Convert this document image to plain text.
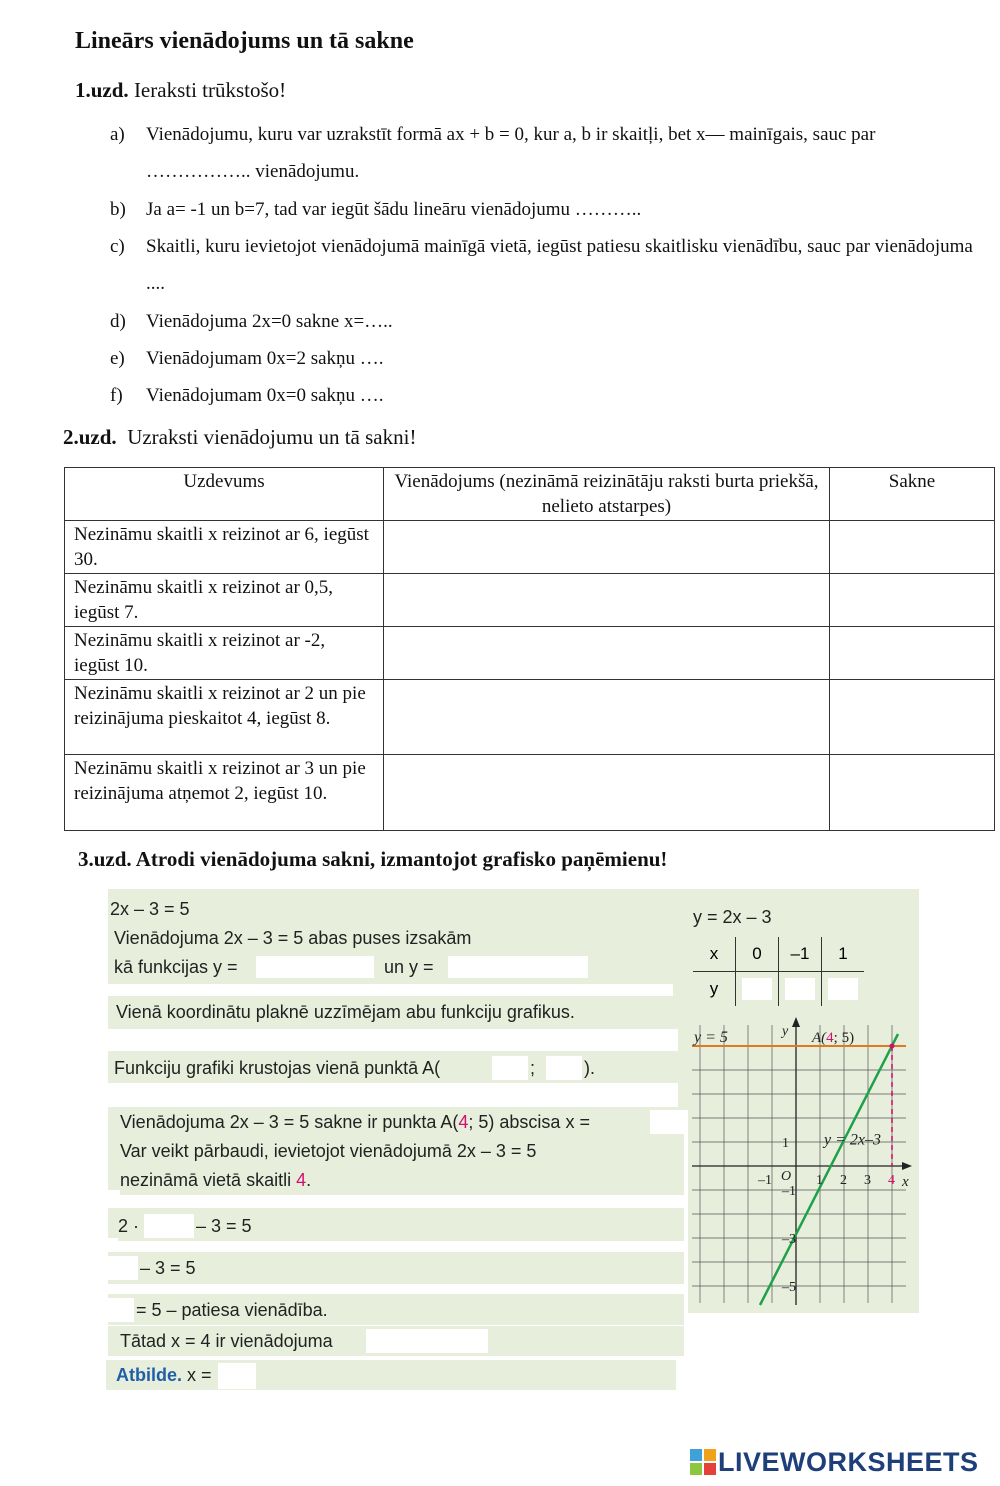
Lineārs vienādojums un tā sakne
1.uzd. Ieraksti trūkstošo!
a) Vienādojumu, kuru var uzrakstīt formā ax + b = 0, kur a, b ir skaitļi, bet x— mainīgais, sauc par …………….. vienādojumu.
b) Ja a= -1 un b=7, tad var iegūt šādu lineāru vienādojumu ………..
c) Skaitli, kuru ievietojot vienādojumā mainīgā vietā, iegūst patiesu skaitlisku vienādību, sauc par vienādojuma ....
d) Vienādojuma 2x=0 sakne x=…..
e) Vienādojumam 0x=2 sakņu ….
f) Vienādojumam 0x=0 sakņu ….
2.uzd. Uzraksti vienādojumu un tā sakni!
Uzdevums	Vienādojums (nezināmā reizinātāju raksti burta priekšā, nelieto atstarpes)	Sakne
Nezināmu skaitli x reizinot ar 6, iegūst 30.		
Nezināmu skaitli x reizinot ar 0,5, iegūst 7.		
Nezināmu skaitli x reizinot ar -2, iegūst 10.		
Nezināmu skaitli x reizinot ar 2 un pie reizinājuma pieskaitot 4, iegūst 8.		
Nezināmu skaitli x reizinot ar 3 un pie reizinājuma atņemot 2, iegūst 10.		
3.uzd. Atrodi vienādojuma sakni, izmantojot grafisko paņēmienu!
2x – 3 = 5
Vienādojuma 2x – 3 = 5 abas puses izsakām
kā funkcijas y =	un y =
Vienā koordinātu plaknē uzzīmējam abu funkciju grafikus.
Funkciju grafiki krustojas vienā punktā A(	;	).
Vienādojuma 2x – 3 = 5 sakne ir punkta A(4; 5) abscisa x =
Var veikt pārbaudi, ievietojot vienādojumā 2x – 3 = 5
nezināmā vietā skaitli 4.
2 ·	– 3 = 5
– 3 = 5
= 5 – patiesa vienādība.
Tātad x = 4 ir vienādojuma
Atbilde. x =
y = 2x – 3
x	0	–1	1
y			
–1	1 2 3 4
1
–1
–3
–5
y = 5	y
x
O
y = 2x–3
A(4; 5)
LIVEWORKSHEETS
